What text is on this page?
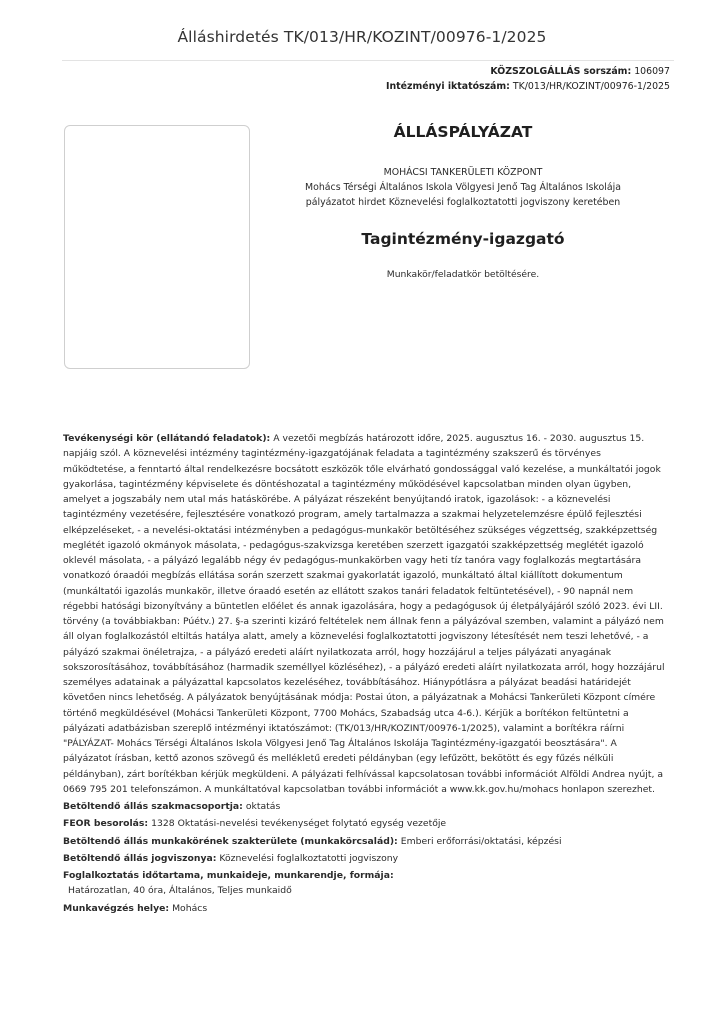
Álláshirdetés TK/013/HR/KOZINT/00976-1/2025
KÖZSZOLGÁLLÁS sorszám: 106097
Intézményi iktatószám: TK/013/HR/KOZINT/00976-1/2025
ÁLLÁSPÁLYÁZAT
MOHÁCSI TANKERÜLETI KÖZPONT
Mohács Térségi Általános Iskola Völgyesi Jenő Tag Általános Iskolája
pályázatot hirdet Köznevelési foglalkoztatotti jogviszony keretében
Tagintézmény-igazgató
Munkakör/feladatkör betöltésére.

Tevékenységi kör (ellátandó feladatok): A vezetői megbízás határozott időre, 2025. augusztus 16. - 2030. augusztus 15. napjáig szól. A köznevelési intézmény tagintézmény-igazgatójának feladata a tagintézmény szakszerű és törvényes működtetése, a fenntartó által rendelkezésre bocsátott eszközök tőle elvárható gondossággal való kezelése, a munkáltatói jogok gyakorlása, tagintézmény képviselete és döntéshozatal a tagintézmény működésével kapcsolatban minden olyan ügyben, amelyet a jogszabály nem utal más hatáskörébe. A pályázat részeként benyújtandó iratok, igazolások: - a köznevelési tagintézmény vezetésére, fejlesztésére vonatkozó program, amely tartalmazza a szakmai helyzetelemzésre épülő fejlesztési elképzeléseket, - a nevelési-oktatási intézményben a pedagógus-munkakör betöltéséhez szükséges végzettség, szakképzettség meglétét igazoló okmányok másolata, - pedagógus-szakvizsga keretében szerzett igazgatói szakképzettség meglétét igazoló oklevél másolata, - a pályázó legalább négy év pedagógus-munkakörben vagy heti tíz tanóra vagy foglalkozás megtartására vonatkozó óraadói megbízás ellátása során szerzett szakmai gyakorlatát igazoló, munkáltató által kiállított dokumentum (munkáltatói igazolás munkakör, illetve óraadó esetén az ellátott szakos tanári feladatok feltüntetésével), - 90 napnál nem régebbi hatósági bizonyítvány a büntetlen előélet és annak igazolására, hogy a pedagógusok új életpályájáról szóló 2023. évi LII. törvény (a továbbiakban: Púétv.) 27. §-a szerinti kizáró feltételek nem állnak fenn a pályázóval szemben, valamint a pályázó nem áll olyan foglalkozástól eltiltás hatálya alatt, amely a köznevelési foglalkoztatotti jogviszony létesítését nem teszi lehetővé, - a pályázó szakmai önéletrajza, - a pályázó eredeti aláírt nyilatkozata arról, hogy hozzájárul a teljes pályázati anyagának sokszorosításához, továbbításához (harmadik személlyel közléséhez), - a pályázó eredeti aláírt nyilatkozata arról, hogy hozzájárul személyes adatainak a pályázattal kapcsolatos kezeléséhez, továbbításához. Hiánypótlásra a pályázat beadási határidejét követően nincs lehetőség. A pályázatok benyújtásának módja: Postai úton, a pályázatnak a Mohácsi Tankerületi Központ címére történő megküldésével (Mohácsi Tankerületi Központ, 7700 Mohács, Szabadság utca 4-6.). Kérjük a borítékon feltüntetni a pályázati adatbázisban szereplő intézményi iktatószámot: (TK/013/HR/KOZINT/00976-1/2025), valamint a borítékra ráírni "PÁLYÁZAT- Mohács Térségi Általános Iskola Völgyesi Jenő Tag Általános Iskolája Tagintézmény-igazgatói beosztására". A pályázatot írásban, kettő azonos szövegű és mellékletű eredeti példányban (egy lefűzött, bekötött és egy fűzés nélküli példányban), zárt borítékban kérjük megküldeni. A pályázati felhívással kapcsolatosan további információt Alföldi Andrea nyújt, a 0669 795 201 telefonszámon. A munkáltatóval kapcsolatban további információt a www.kk.gov.hu/mohacs honlapon szerezhet.

Betöltendő állás szakmacsoportja: oktatás

FEOR besorolás: 1328 Oktatási-nevelési tevékenységet folytató egység vezetője

Betöltendő állás munkakörének szakterülete (munkakörcsalád): Emberi erőforrási/oktatási, képzési

Betöltendő állás jogviszonya: Köznevelési foglalkoztatotti jogviszony

Foglalkoztatás időtartama, munkaideje, munkarendje, formája:
Határozatlan, 40 óra, Általános, Teljes munkaidő

Munkavégzés helye: Mohács
